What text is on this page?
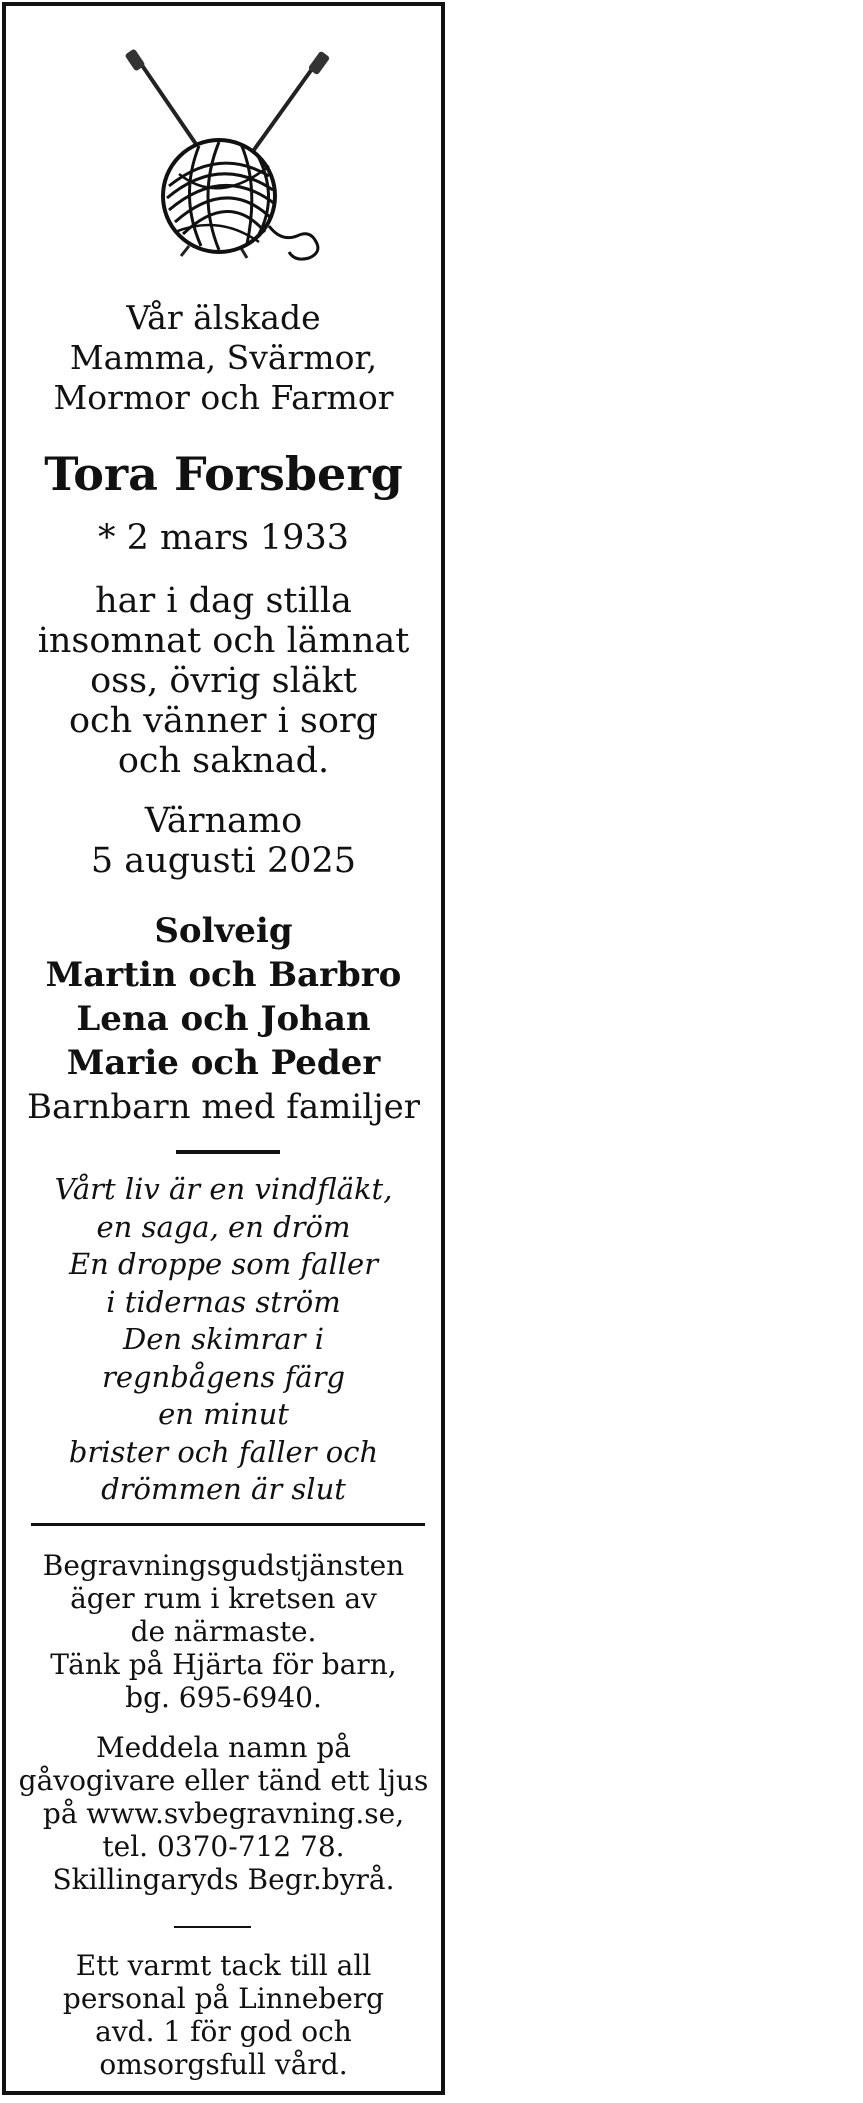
Vår älskade
Mamma, Svärmor,
Mormor och Farmor
Tora Forsberg
* 2 mars 1933
har i dag stilla
insomnat och lämnat
oss, övrig släkt
och vänner i sorg
och saknad.
Värnamo
5 augusti 2025
Solveig
Martin och Barbro
Lena och Johan
Marie och Peder
Barnbarn med familjer
Vårt liv är en vindfläkt,
en saga, en dröm
En droppe som faller
i tidernas ström
Den skimrar i
regnbågens färg
en minut
brister och faller och
drömmen är slut
Begravningsgudstjänsten
äger rum i kretsen av
de närmaste.
Tänk på Hjärta för barn,
bg. 695-6940.
Meddela namn på
gåvogivare eller tänd ett ljus
på www.svbegravning.se,
tel. 0370-712 78.
Skillingaryds Begr.byrå.
Ett varmt tack till all
personal på Linneberg
avd. 1 för god och
omsorgsfull vård.
